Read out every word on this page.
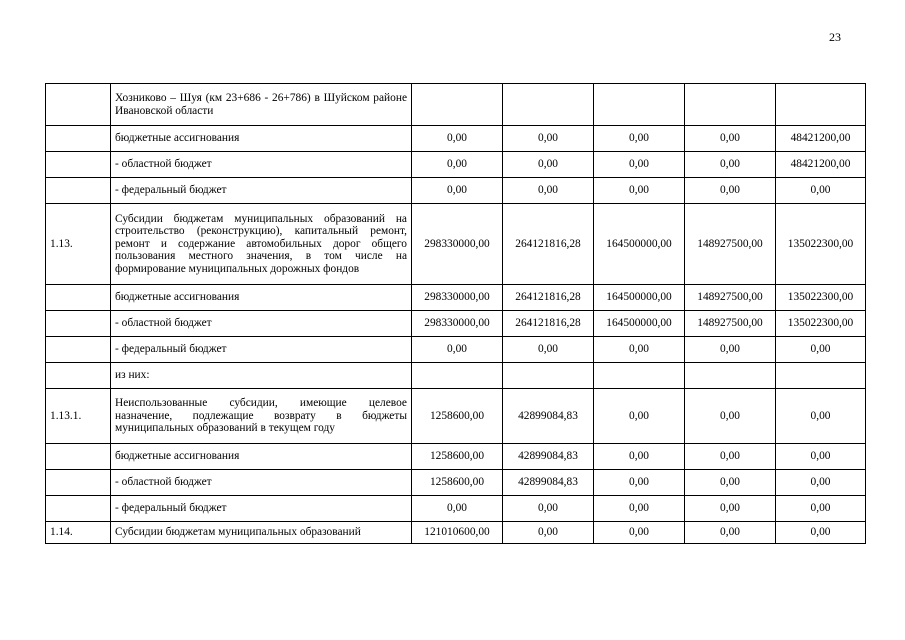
23
	Хозниково – Шуя (км 23+686 - 26+786) в Шуйском районе Ивановской области					
	бюджетные ассигнования	0,00	0,00	0,00	0,00	48421200,00
	- областной бюджет	0,00	0,00	0,00	0,00	48421200,00
	- федеральный бюджет	0,00	0,00	0,00	0,00	0,00
1.13.	Субсидии бюджетам муниципальных образований на строительство (реконструкцию), капитальный ремонт, ремонт и содержание автомобильных дорог общего пользования местного значения, в том числе на формирование муниципальных дорожных фондов	298330000,00	264121816,28	164500000,00	148927500,00	135022300,00
	бюджетные ассигнования	298330000,00	264121816,28	164500000,00	148927500,00	135022300,00
	- областной бюджет	298330000,00	264121816,28	164500000,00	148927500,00	135022300,00
	- федеральный бюджет	0,00	0,00	0,00	0,00	0,00
	из них:					
1.13.1.	Неиспользованные субсидии, имеющие целевое назначение, подлежащие возврату в бюджеты муниципальных образований в текущем году	1258600,00	42899084,83	0,00	0,00	0,00
	бюджетные ассигнования	1258600,00	42899084,83	0,00	0,00	0,00
	- областной бюджет	1258600,00	42899084,83	0,00	0,00	0,00
	- федеральный бюджет	0,00	0,00	0,00	0,00	0,00
1.14.	Субсидии бюджетам муниципальных образований	121010600,00	0,00	0,00	0,00	0,00
